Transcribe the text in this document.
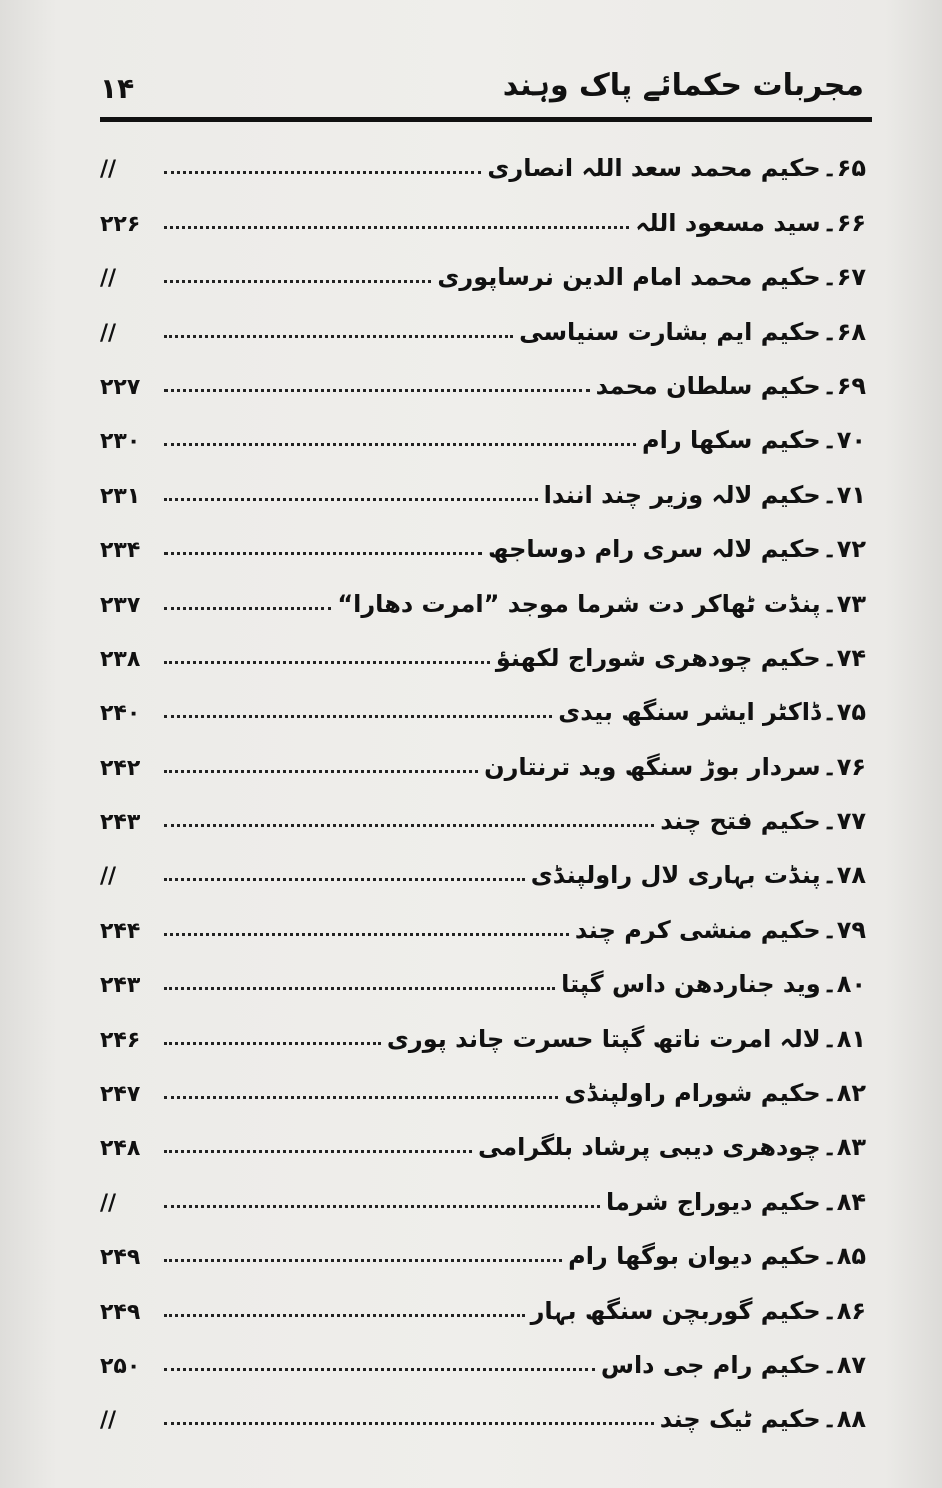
مجربات حکمائے پاک وہند
۱۴
۶۵۔
حکیم محمد سعد اللہ انصاری
//
۶۶۔
سید مسعود اللہ
۲۲۶
۶۷۔
حکیم محمد امام الدین نرساپوری
//
۶۸۔
حکیم ایم بشارت سنیاسی
//
۶۹۔
حکیم سلطان محمد
۲۲۷
۷۰۔
حکیم سکھا رام
۲۳۰
۷۱۔
حکیم لالہ وزیر چند انندا
۲۳۱
۷۲۔
حکیم لالہ سری رام دوساجھ
۲۳۴
۷۳۔
پنڈت ٹھاکر دت شرما موجد ”امرت دھارا“
۲۳۷
۷۴۔
حکیم چودھری شوراج لکھنؤ
۲۳۸
۷۵۔
ڈاکٹر ایشر سنگھ بیدی
۲۴۰
۷۶۔
سردار بوڑ سنگھ وید ترنتارن
۲۴۲
۷۷۔
حکیم فتح چند
۲۴۳
۷۸۔
پنڈت بہاری لال راولپنڈی
//
۷۹۔
حکیم منشی کرم چند
۲۴۴
۸۰۔
وید جناردھن داس گپتا
۲۴۳
۸۱۔
لالہ امرت ناتھ گپتا حسرت چاند پوری
۲۴۶
۸۲۔
حکیم شورام راولپنڈی
۲۴۷
۸۳۔
چودھری دیبی پرشاد بلگرامی
۲۴۸
۸۴۔
حکیم دیوراج شرما
//
۸۵۔
حکیم دیوان بوگھا رام
۲۴۹
۸۶۔
حکیم گوربچن سنگھ بہار
۲۴۹
۸۷۔
حکیم رام جی داس
۲۵۰
۸۸۔
حکیم ٹیک چند
//
